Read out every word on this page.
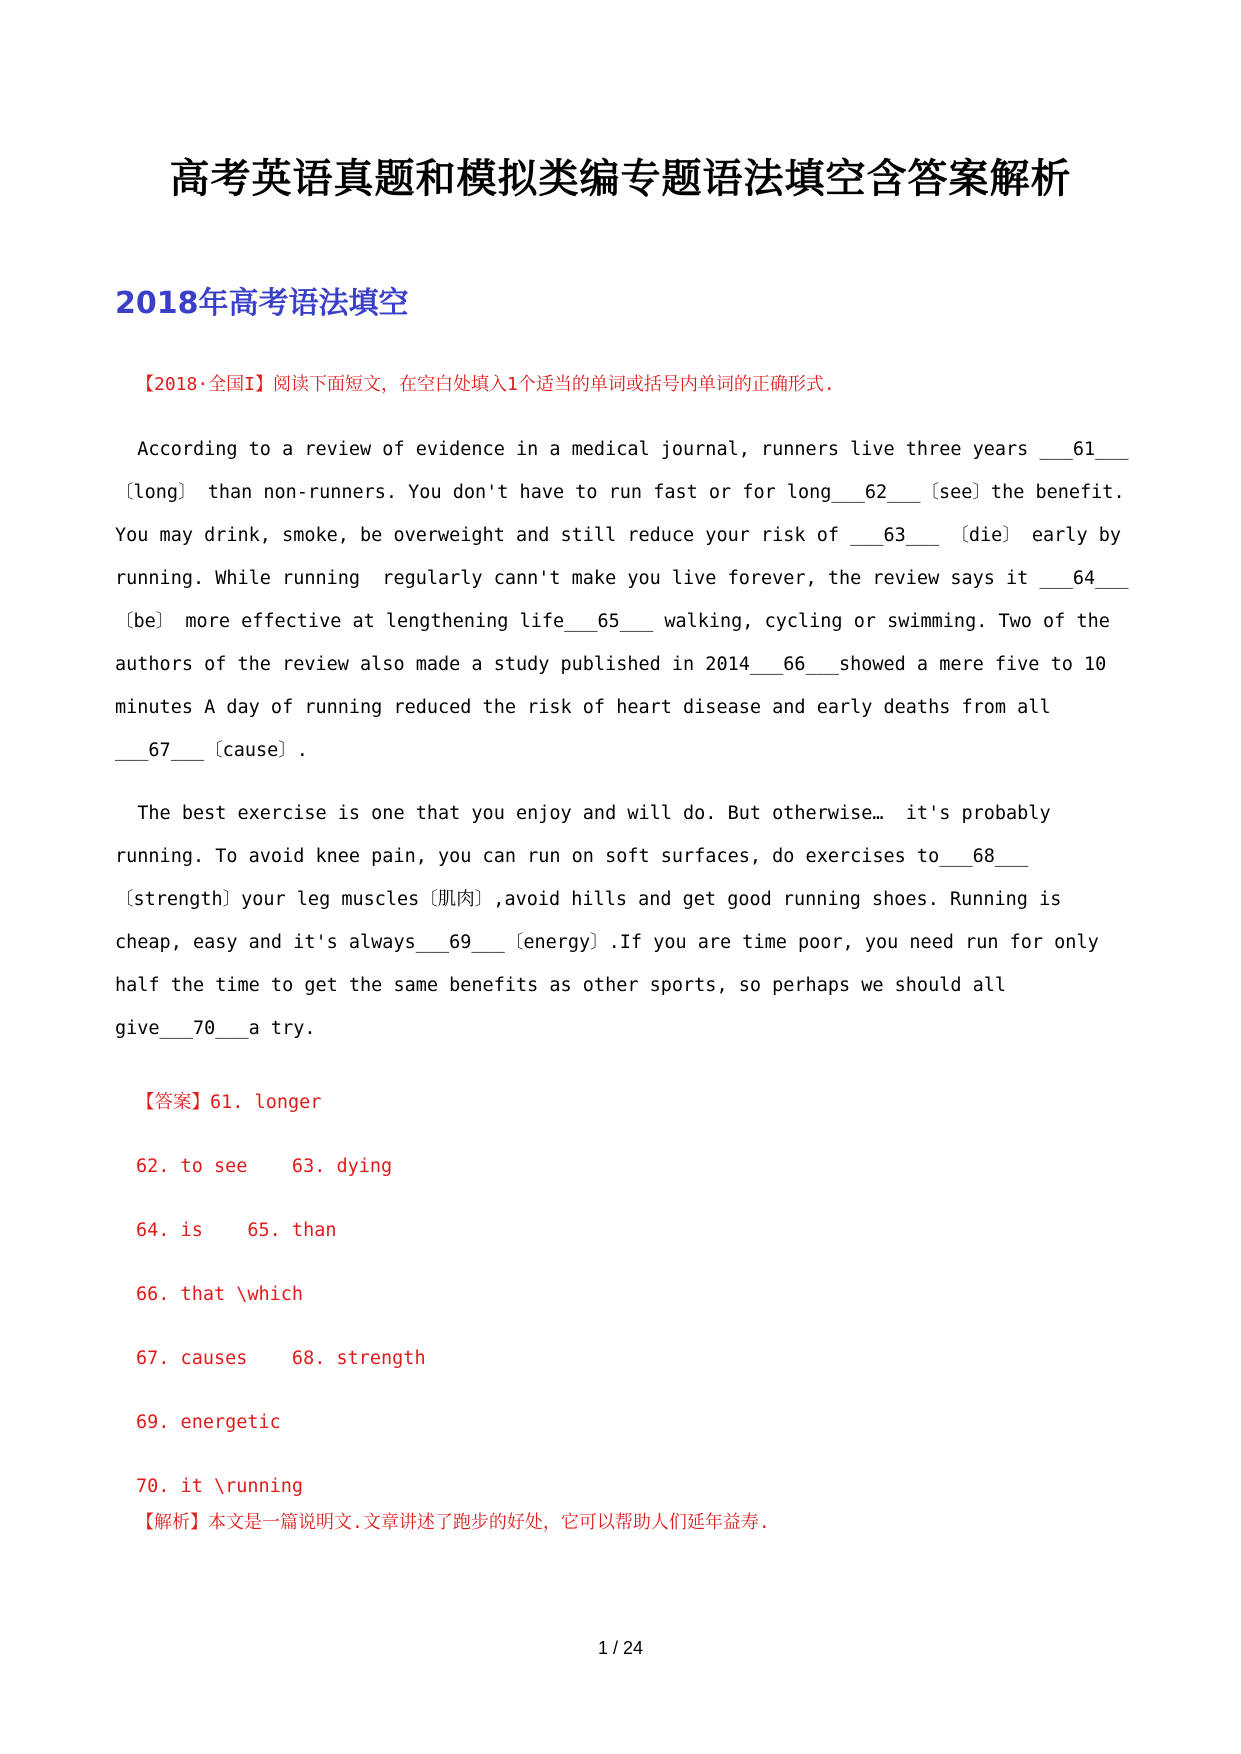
高考英语真题和模拟类编专题语法填空含答案解析
2018年高考语法填空
【2018·全国I】阅读下面短文，在空白处填入1个适当的单词或括号内单词的正确形式.
According to a review of evidence in a medical journal, runners live three years ___61___
〔long〕 than non-runners. You don't have to run fast or for long___62___〔see〕the benefit.
You may drink, smoke, be overweight and still reduce your risk of ___63___ 〔die〕 early by
running. While running  regularly cann't make you live forever, the review says it ___64___
〔be〕 more effective at lengthening life___65___ walking, cycling or swimming. Two of the
authors of the review also made a study published in 2014___66___showed a mere five to 10
minutes A day of running reduced the risk of heart disease and early deaths from all
___67___〔cause〕.
The best exercise is one that you enjoy and will do. But otherwise…  it's probably
running. To avoid knee pain, you can run on soft surfaces, do exercises to___68___
〔strength〕your leg muscles〔肌肉〕,avoid hills and get good running shoes. Running is
cheap, easy and it's always___69___〔energy〕.If you are time poor, you need run for only
half the time to get the same benefits as other sports, so perhaps we should all
give___70___a try.
【答案】61. longer
62. to see    63. dying
64. is    65. than
66. that \which
67. causes    68. strength
69. energetic
70. it \running
【解析】本文是一篇说明文.文章讲述了跑步的好处，它可以帮助人们延年益寿.
1 / 24
